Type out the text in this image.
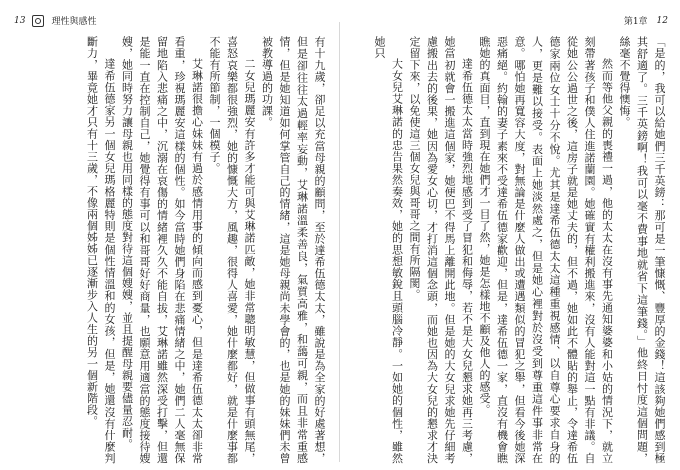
13	理性與感性	第1章 12

「是的，我可以給她們三千英鎊：那可是一筆慷慨、豐厚的金錢！這該夠她們感到極其舒適了。三千英鎊啊！我可以毫不費事地就省下這筆錢。」他終日忖度這個問題，絲毫不覺得懊悔。

然而等他父親的喪禮一過，他的太太在沒有事先通知婆婆和小姑的情況下，就立刻帶著孩子和僕人住進諾蘭園。她確實有權利搬進來，沒有人能對這一點有非議。自從她公公過世之後，這房子就是她丈夫的，但不過，她如此不體貼的舉止，令達希伍德家兩位女士十分不悅。尤其是達希伍德太太這種重視感情、以自尊心要求自身的人，更是難以接受。表面上她淡然處之，但是她心裡對於沒受到尊重這件事非常在意。哪怕她再寬容大度，對無論是什麼人做出或遭遇類似的冒犯之舉，但看今後她深惡痛絕。約翰的妻子素來不受達希伍德家歡迎，但是，達希伍德一家，直沒有機會瞧瞧她的真面目，直到現在她們才一目了然，她是怎樣地不顧及他人的感受。

達希伍德太太當時強烈地感到受了冒犯和侮辱，若不是大女兒懇求她再三考慮，她當初就會一搬進這個家，她便巴不得馬上離開此地。但是她的大女兒求她先仔細考慮搬出去的後果，她因為愛女心切，才打消這個念頭，而她也因為大女兒的懇求才決定留下來，以免使這三個女兒與哥哥之間有所隔閡。

大女兒艾琳諾的忠告果然奏效，她的思想敏銳且頭腦冷靜。一如她的個性，雖然她只

有十九歲，卻足以充當母親的顧問，至於達希伍德太太，雖說是為全家的好處著想，但是卻往往太過輕率妄動，艾琳諾溫柔善良，氣質高雅，和藹可親，而且非常重感情，但是她知道如何掌管自己的情緒，這是她母親尚未學會的，也是她的妹妹們未曾被教導過的功課。

二女兒瑪麗安有許多才能可與艾琳諾匹敵，她非常聰明敏慧，但做事有頭無尾，喜怒哀樂都很強烈，她的慷慨大方，風趣，很得人喜愛，她什麼都好，就是什麼事都不能有所節制，一個模子。

艾琳諾很擔心妹妹有過於感情用事的傾向而感到憂心，但是達希伍德太太卻非常看重，珍視瑪麗安這樣的個性。如今當時她們身陷在悲痛情緒之中，她們二人毫無保留地陷入悲痛之中，沉溺在哀傷的情緒裡久久不能自拔，艾琳諾雖然深受打擊，但還是能一直在控制自己，她覺得有事可以和哥哥好好商量，也願意用適當的態度接待嫂嫂，她同時努力讓母親也用同樣的態度對待這個嫂嫂，並且提醒母親要儘量忍耐。

達希伍德家另一個女兒瑪格麗特則是個性情溫和的女孩，但是，她還沒有什麼判斷力，畢竟她才只有十三歲，不像兩個姊姊已逐漸步入人生的另一個新階段。
